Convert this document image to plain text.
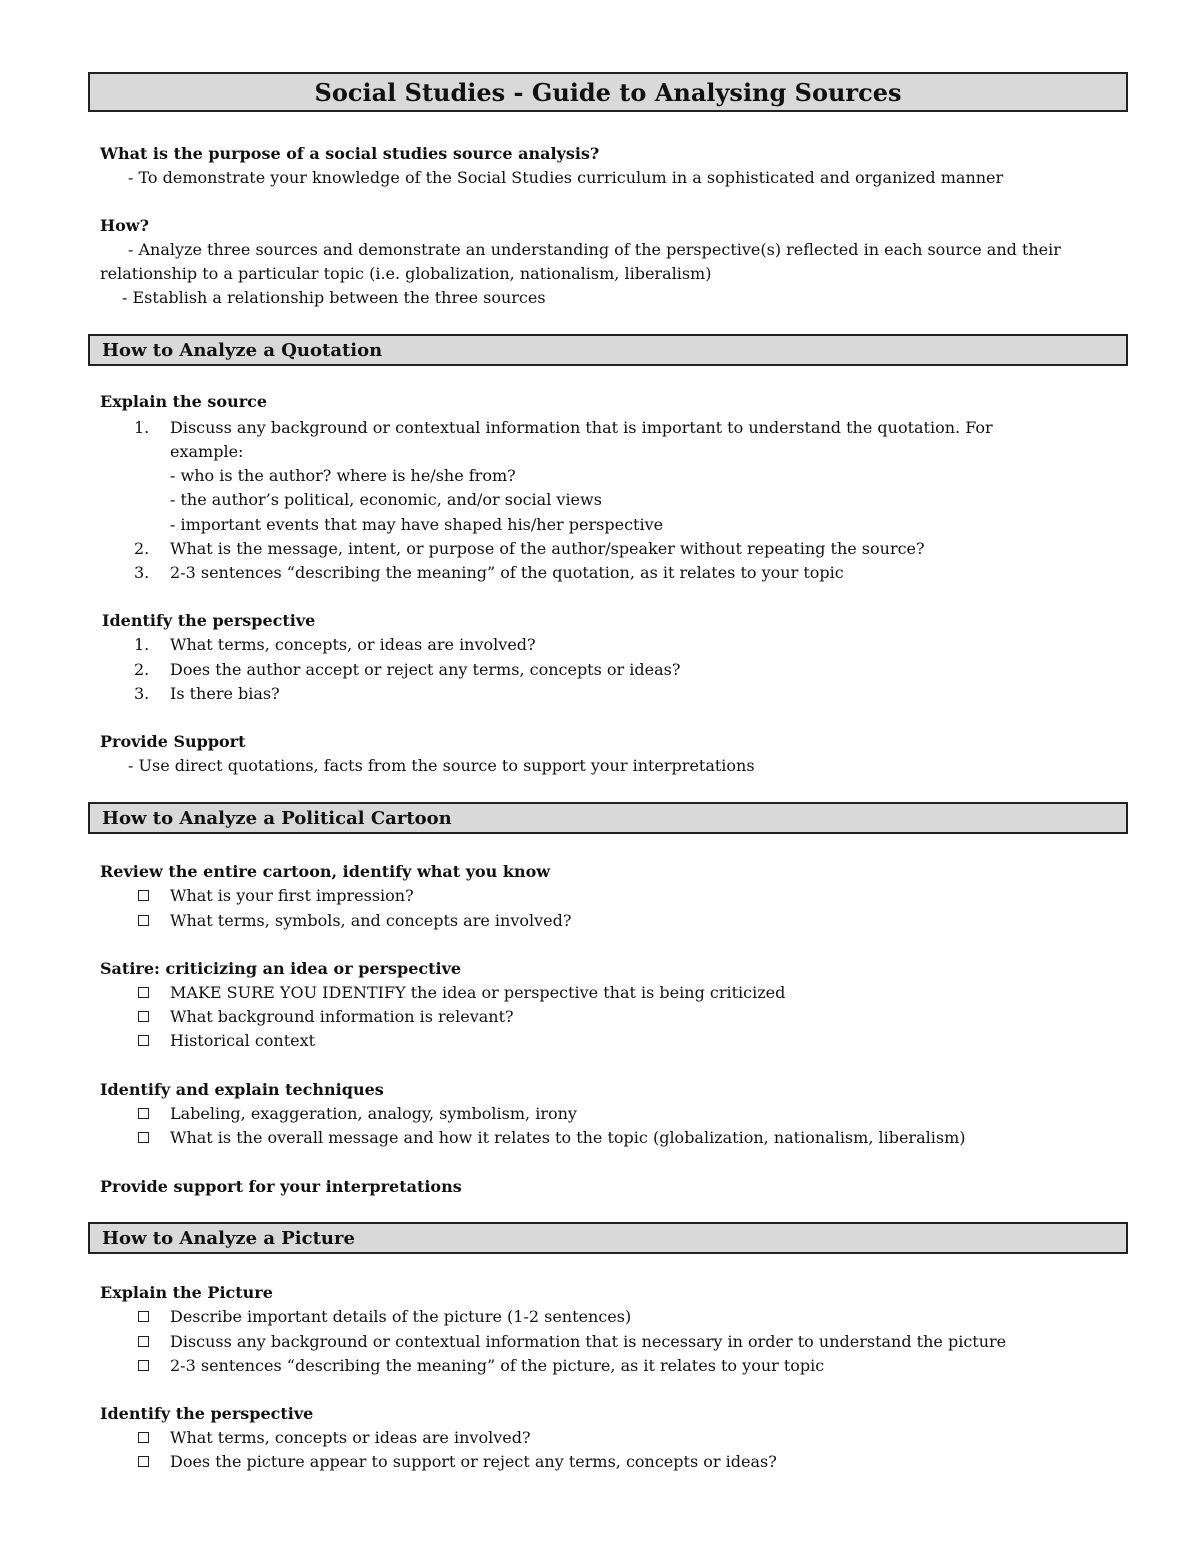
Social Studies - Guide to Analysing Sources
What is the purpose of a social studies source analysis?
- To demonstrate your knowledge of the Social Studies curriculum in a sophisticated and organized manner
How?
- Analyze three sources and demonstrate an understanding of the perspective(s) reflected in each source and their
relationship to a particular topic (i.e. globalization, nationalism, liberalism)
- Establish a relationship between the three sources
How to Analyze a Quotation
Explain the source
1. Discuss any background or contextual information that is important to understand the quotation. For
example:
- who is the author? where is he/she from?
- the author’s political, economic, and/or social views
- important events that may have shaped his/her perspective
2. What is the message, intent, or purpose of the author/speaker without repeating the source?
3. 2-3 sentences “describing the meaning” of the quotation, as it relates to your topic
Identify the perspective
1. What terms, concepts, or ideas are involved?
2. Does the author accept or reject any terms, concepts or ideas?
3. Is there bias?
Provide Support
- Use direct quotations, facts from the source to support your interpretations
How to Analyze a Political Cartoon
Review the entire cartoon, identify what you know
What is your first impression?
What terms, symbols, and concepts are involved?
Satire: criticizing an idea or perspective
MAKE SURE YOU IDENTIFY the idea or perspective that is being criticized
What background information is relevant?
Historical context
Identify and explain techniques
Labeling, exaggeration, analogy, symbolism, irony
What is the overall message and how it relates to the topic (globalization, nationalism, liberalism)
Provide support for your interpretations
How to Analyze a Picture
Explain the Picture
Describe important details of the picture (1-2 sentences)
Discuss any background or contextual information that is necessary in order to understand the picture
2-3 sentences “describing the meaning” of the picture, as it relates to your topic
Identify the perspective
What terms, concepts or ideas are involved?
Does the picture appear to support or reject any terms, concepts or ideas?
